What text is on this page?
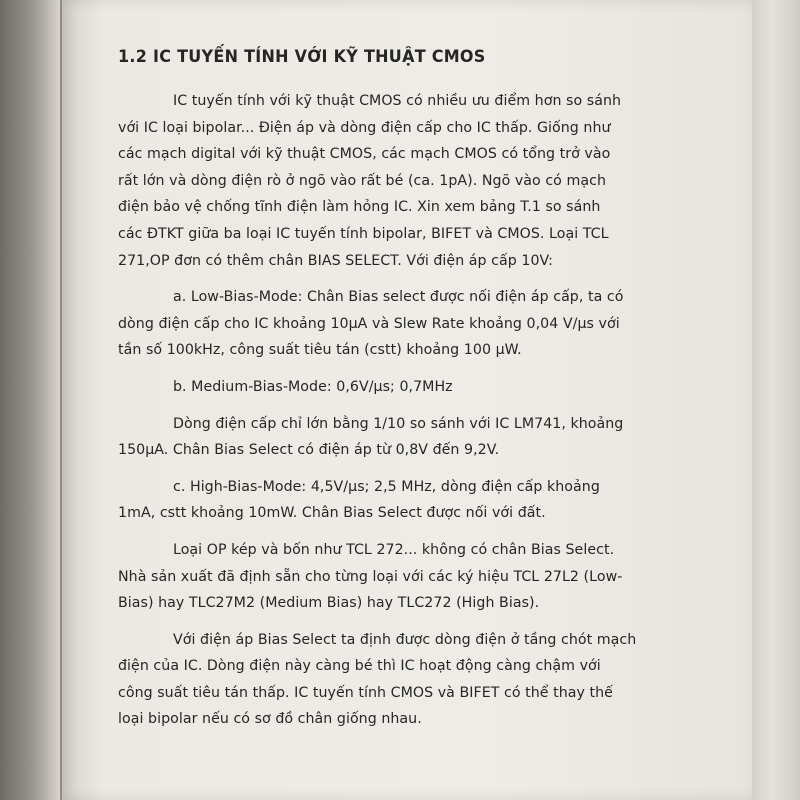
1.2 IC TUYẾN TÍNH VỚI KỸ THUẬT CMOS
IC tuyến tính với kỹ thuật CMOS có nhiều ưu điểm hơn so sánh
với IC loại bipolar... Điện áp và dòng điện cấp cho IC thấp. Giống như
các mạch digital với kỹ thuật CMOS, các mạch CMOS có tổng trở vào
rất lớn và dòng điện rò ở ngõ vào rất bé (ca. 1pA). Ngõ vào có mạch
điện bảo vệ chống tĩnh điện làm hỏng IC. Xin xem bảng T.1 so sánh
các ĐTKT giữa ba loại IC tuyến tính bipolar, BIFET và CMOS. Loại TCL
271,OP đơn có thêm chân BIAS SELECT. Với điện áp cấp 10V:
a. Low-Bias-Mode: Chân Bias select được nối điện áp cấp, ta có
dòng điện cấp cho IC khoảng 10µA và Slew Rate khoảng 0,04 V/µs với
tần số 100kHz, công suất tiêu tán (cstt) khoảng 100 µW.
b. Medium-Bias-Mode: 0,6V/µs; 0,7MHz
Dòng điện cấp chỉ lớn bằng 1/10 so sánh với IC LM741, khoảng
150µA. Chân Bias Select có điện áp từ 0,8V đến 9,2V.
c. High-Bias-Mode: 4,5V/µs; 2,5 MHz, dòng điện cấp khoảng
1mA, cstt khoảng 10mW. Chân Bias Select được nối với đất.
Loại OP kép và bốn như TCL 272... không có chân Bias Select.
Nhà sản xuất đã định sẵn cho từng loại với các ký hiệu TCL 27L2 (Low-
Bias) hay TLC27M2 (Medium Bias) hay TLC272 (High Bias).
Với điện áp Bias Select ta định được dòng điện ở tầng chót mạch
điện của IC. Dòng điện này càng bé thì IC hoạt động càng chậm với
công suất tiêu tán thấp. IC tuyến tính CMOS và BIFET có thể thay thế
loại bipolar nếu có sơ đồ chân giống nhau.
